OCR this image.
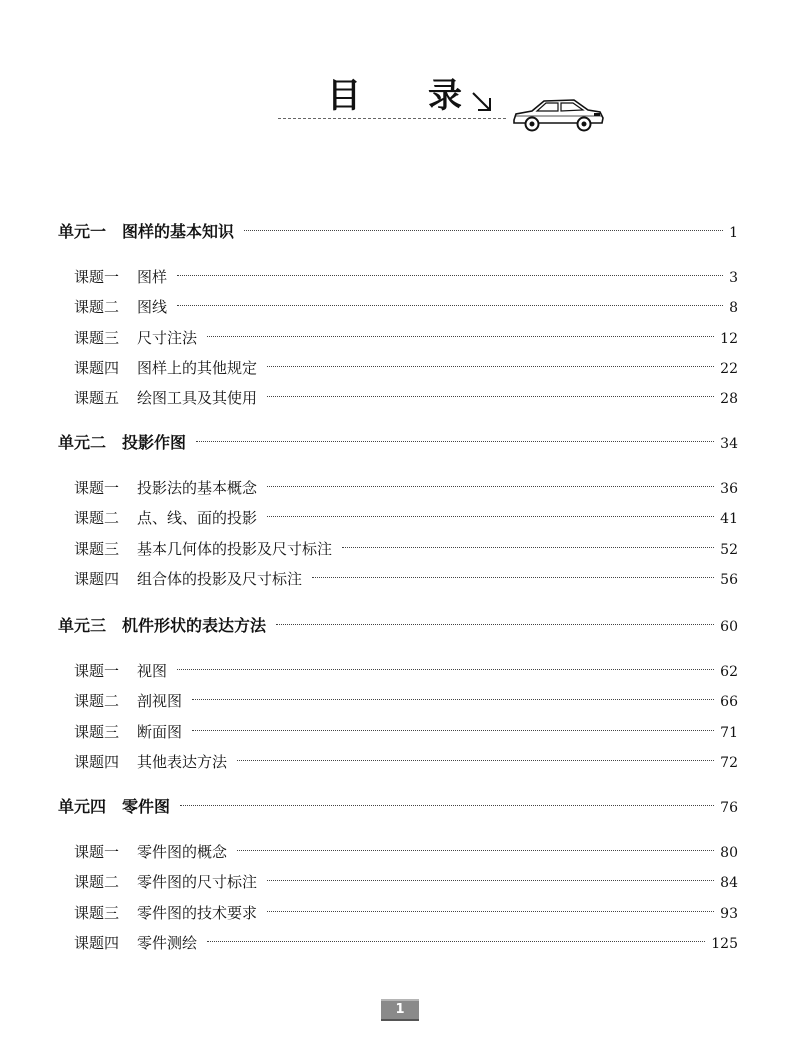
目 录
单元一 图样的基本知识	1
课题一 图样	3
课题二 图线	8
课题三 尺寸注法	12
课题四 图样上的其他规定	22
课题五 绘图工具及其使用	28
单元二 投影作图	34
课题一 投影法的基本概念	36
课题二 点、线、面的投影	41
课题三 基本几何体的投影及尺寸标注	52
课题四 组合体的投影及尺寸标注	56
单元三 机件形状的表达方法	60
课题一 视图	62
课题二 剖视图	66
课题三 断面图	71
课题四 其他表达方法	72
单元四 零件图	76
课题一 零件图的概念	80
课题二 零件图的尺寸标注	84
课题三 零件图的技术要求	93
课题四 零件测绘	125
1
